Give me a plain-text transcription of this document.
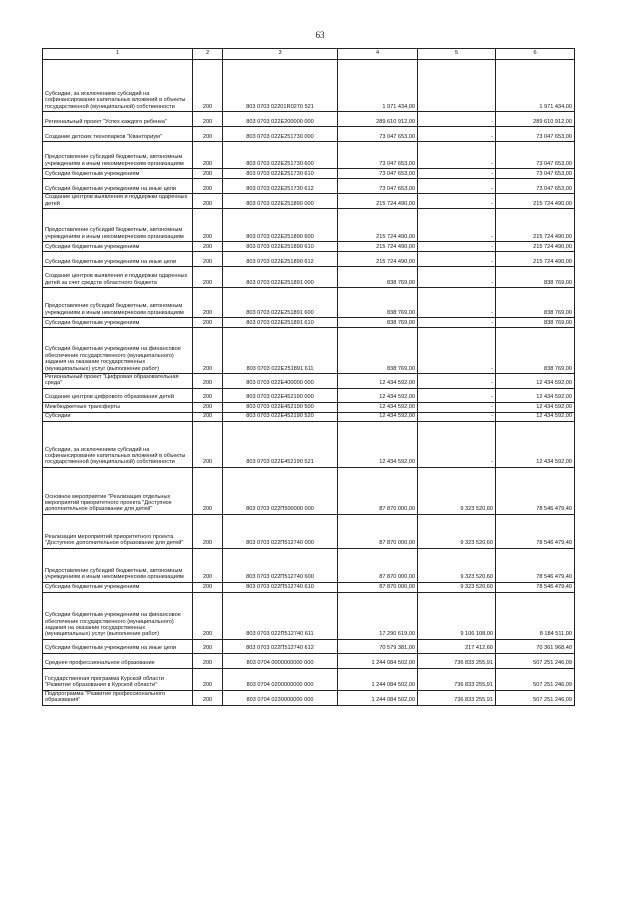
63
1	2	3	4	5	6
Субсидии, за исключением субсидий на софинансирование капитальных вложений в объекты государственной (муниципальной) собственности	200	803 0703 02201R0270 521	1 971 434,00		1 971 434,00
Региональный проект "Успех каждого ребенка"	200	803 0703 022E200000 000	289 610 912,00	-	289 610 912,00
Создание детских технопарков "Кванториум"	200	803 0703 022E251730 000	73 047 653,00	-	73 047 653,00
Предоставление субсидий бюджетным, автономным учреждениям и иным некоммерческим организациям	200	803 0703 022E251730 600	73 047 653,00	-	73 047 653,00
Субсидии бюджетным учреждениям	200	803 0703 022E251730 610	73 047 653,00	-	73 047 653,00
Субсидии бюджетным учреждениям на иные цели	200	803 0703 022E251730 612	73 047 653,00	-	73 047 653,00
Создание центров выявления и поддержки одаренных детей	200	803 0703 022E251890 000	215 724 490,00	-	215 724 490,00
Предоставление субсидий бюджетным, автономным учреждениям и иным некоммерческим организациям	200	803 0703 022E251890 600	215 724 490,00	-	215 724 490,00
Субсидии бюджетным учреждениям	200	803 0703 022E251890 610	215 724 490,00	-	215 724 490,00
Субсидии бюджетным учреждениям на иные цели	200	803 0703 022E251890 612	215 724 490,00	-	215 724 490,00
Создание центров выявления и поддержки одаренных детей за счет средств областного бюджета	200	803 0703 022E251891 000	838 769,00	-	838 769,00
Предоставление субсидий бюджетным, автономным учреждениям и иным некоммерческим организациям	200	803 0703 022E251891 600	838 769,00	-	838 769,00
Субсидии бюджетным учреждениям	200	803 0703 022E251891 610	838 769,00	-	838 769,00
Субсидии бюджетным учреждениям на финансовое обеспечение государственного (муниципального) задания на оказание государственных (муниципальных) услуг (выполнение работ)	200	803 0703 022E251891 611	838 769,00	-	838 769,00
Региональный проект "Цифровая образовательная среда"	200	803 0703 022E400000 000	12 434 592,00	-	12 434 592,00
Создание центров цифрового образования детей	200	803 0703 022E452190 000	12 434 592,00	-	12 434 592,00
Межбюджетные трансферты	200	803 0703 022E452190 500	12 434 592,00	-	12 434 592,00
Субсидии	200	803 0703 022E452190 520	12 434 592,00	-	12 434 592,00
Субсидии, за исключением субсидий на софинансирование капитальных вложений в объекты государственной (муниципальной) собственности	200	803 0703 022E452190 521	12 434 592,00	-	12 434 592,00
Основное мероприятие "Реализация отдельных мероприятий приоритетного проекта "Доступное дополнительное образование для детей"	200	803 0703 022П500000 000	87 870 000,00	9 323 520,60	78 546 479,40
Реализация мероприятий приоритетного проекта "Доступное дополнительное образование для детей"	200	803 0703 022П512740 000	87 870 000,00	9 323 520,60	78 546 479,40
Предоставление субсидий бюджетным, автономным учреждениям и иным некоммерческим организациям	200	803 0703 022П512740 600	87 870 000,00	9 323 520,60	78 546 479,40
Субсидии бюджетным учреждениям	200	803 0703 022П512740 610	87 870 000,00	9 323 520,60	78 546 479,40
Субсидии бюджетным учреждениям на финансовое обеспечение государственного (муниципального) задания на оказание государственных (муниципальных) услуг (выполнение работ)	200	803 0703 022П512740 611	17 290 619,00	9 106 108,00	8 184 511,00
Субсидии бюджетным учреждениям на иные цели	200	803 0703 022П512740 612	70 579 381,00	217 412,60	70 361 968,40
Среднее профессиональное образование	200	803 0704 0000000000 000	1 244 084 502,00	736 833 255,91	507 251 246,09
Государственная программа Курской области "Развитие образования в Курской области"	200	803 0704 0200000000 000	1 244 084 502,00	736 833 255,91	507 251 246,09
Подпрограмма "Развитие профессионального образования"	200	803 0704 0230000000 000	1 244 084 502,00	736 833 255,91	507 251 246,09
